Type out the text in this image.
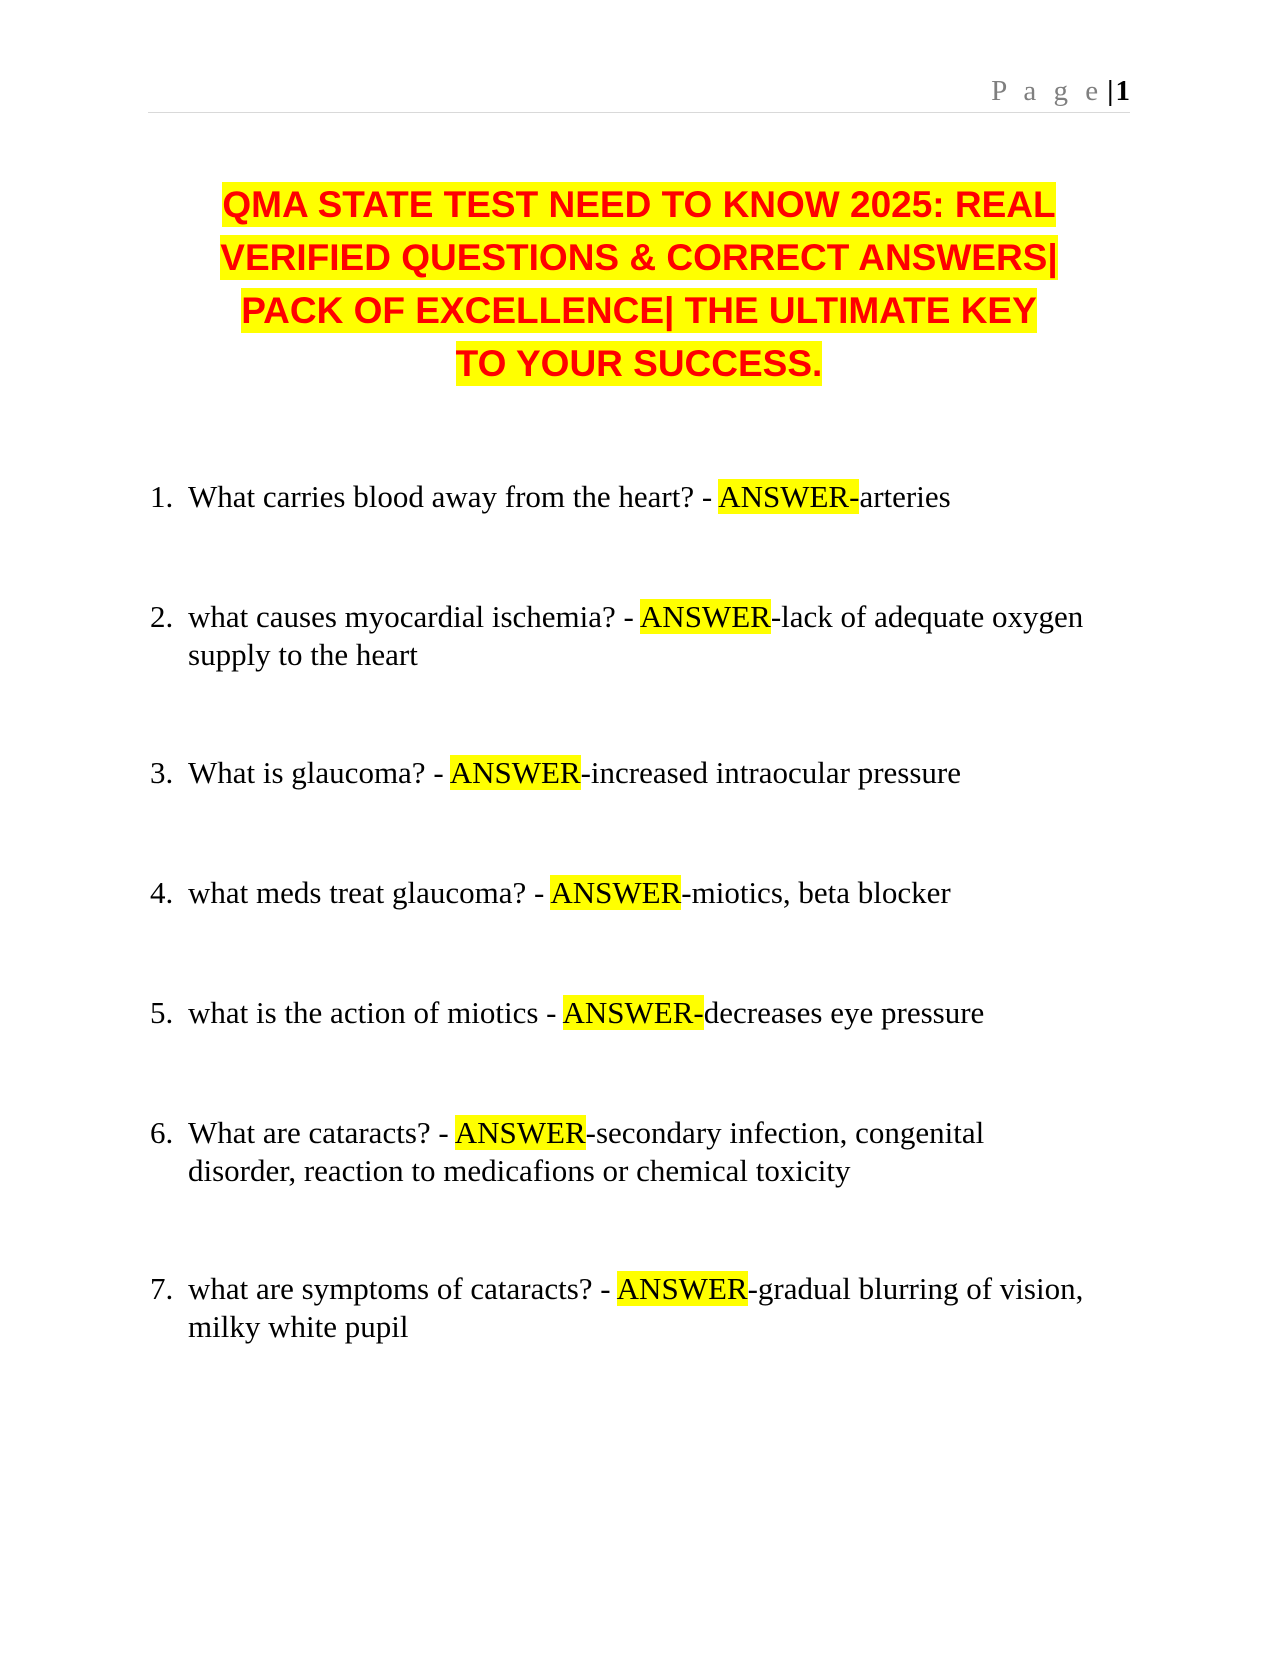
P a g e |1
QMA STATE TEST NEED TO KNOW 2025: REAL
VERIFIED QUESTIONS & CORRECT ANSWERS|
PACK OF EXCELLENCE| THE ULTIMATE KEY
TO YOUR SUCCESS.
1. What carries blood away from the heart? - ANSWER-arteries
2. what causes myocardial ischemia? - ANSWER-lack of adequate oxygen supply to the heart
3. What is glaucoma? - ANSWER-increased intraocular pressure
4. what meds treat glaucoma? - ANSWER-miotics, beta blocker
5. what is the action of miotics - ANSWER-decreases eye pressure
6. What are cataracts? - ANSWER-secondary infection, congenital disorder, reaction to medicafions or chemical toxicity
7. what are symptoms of cataracts? - ANSWER-gradual blurring of vision, milky white pupil
